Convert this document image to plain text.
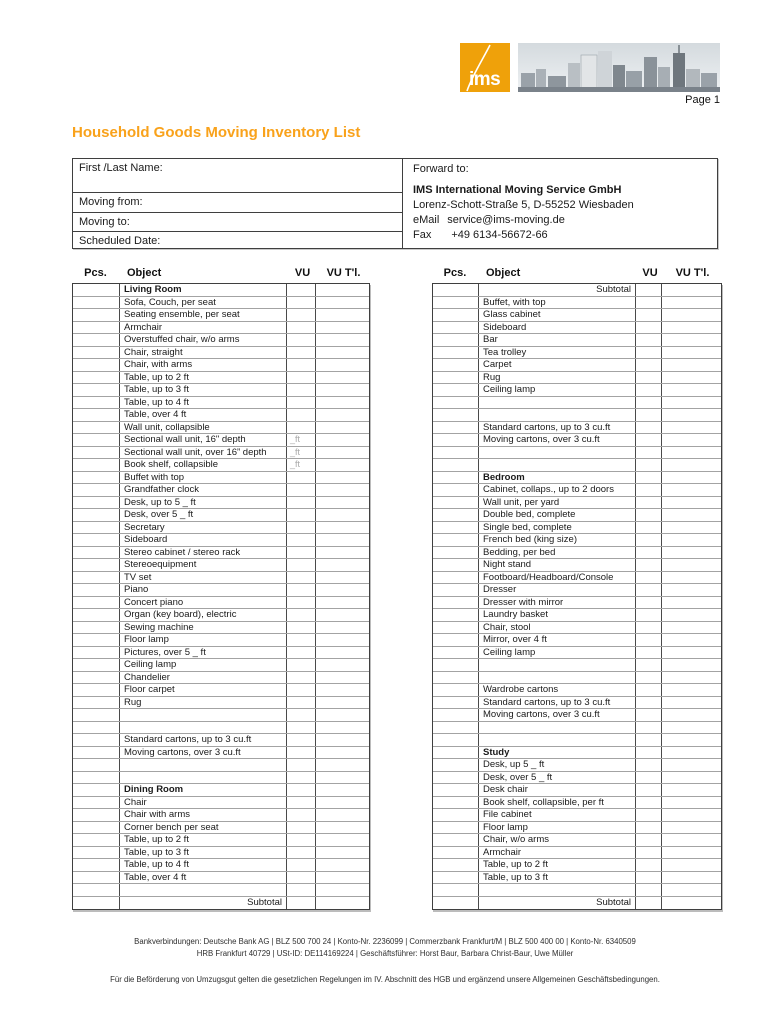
ims
Page 1
Household Goods Moving Inventory List
First /Last Name:
Moving from:
Moving to:
Scheduled Date:
Forward to:
IMS International Moving Service GmbH
Lorenz-Schott-Straße 5, D-55252 Wiesbaden
eMail service@ims-moving.de
Fax +49 6134-56672-66
Pcs.	Object	VU	VU T'l.
Living Room
Sofa, Couch, per seat
Seating ensemble, per seat
Armchair
Overstuffed chair, w/o arms
Chair, straight
Chair, with arms
Table, up to 2 ft
Table, up to 3 ft
Table, up to 4 ft
Table, over 4 ft
Wall unit, collapsible
Sectional wall unit, 16" depth	_ft
Sectional wall unit, over 16” depth	_ft
Book shelf, collapsible	_ft
Buffet with top
Grandfather clock
Desk, up to 5 _ ft
Desk, over 5 _ ft
Secretary
Sideboard
Stereo cabinet / stereo rack
Stereoequipment
TV set
Piano
Concert piano
Organ (key board), electric
Sewing machine
Floor lamp
Pictures, over 5 _ ft
Ceiling lamp
Chandelier
Floor carpet
Rug
Standard cartons, up to 3 cu.ft
Moving cartons, over 3 cu.ft
Dining Room
Chair
Chair with arms
Corner bench per seat
Table, up to 2 ft
Table, up to 3 ft
Table, up to 4 ft
Table, over 4 ft
Subtotal
Pcs.	Object	VU	VU T'l.
Subtotal
Buffet, with top
Glass cabinet
Sideboard
Bar
Tea trolley
Carpet
Rug
Ceiling lamp
Standard cartons, up to 3 cu.ft
Moving cartons, over 3 cu.ft
Bedroom
Cabinet, collaps., up to 2 doors
Wall unit, per yard
Double bed, complete
Single bed, complete
French bed (king size)
Bedding, per bed
Night stand
Footboard/Headboard/Console
Dresser
Dresser with mirror
Laundry basket
Chair, stool
Mirror, over 4 ft
Ceiling lamp
Wardrobe cartons
Standard cartons, up to 3 cu.ft
Moving cartons, over 3 cu.ft
Study
Desk, up 5 _ ft
Desk, over 5 _ ft
Desk chair
Book shelf, collapsible, per ft
File cabinet
Floor lamp
Chair, w/o arms
Armchair
Table, up to 2 ft
Table, up to 3 ft
Subtotal
Bankverbindungen: Deutsche Bank AG | BLZ 500 700 24 | Konto-Nr. 2236099 | Commerzbank Frankfurt/M | BLZ 500 400 00 | Konto-Nr. 6340509
HRB Frankfurt 40729 | USt-ID: DE114169224 | Geschäftsführer: Horst Baur, Barbara Christ-Baur, Uwe Müller
Für die Beförderung von Umzugsgut gelten die gesetzlichen Regelungen im IV. Abschnitt des HGB und ergänzend unsere Allgemeinen Geschäftsbedingungen.
